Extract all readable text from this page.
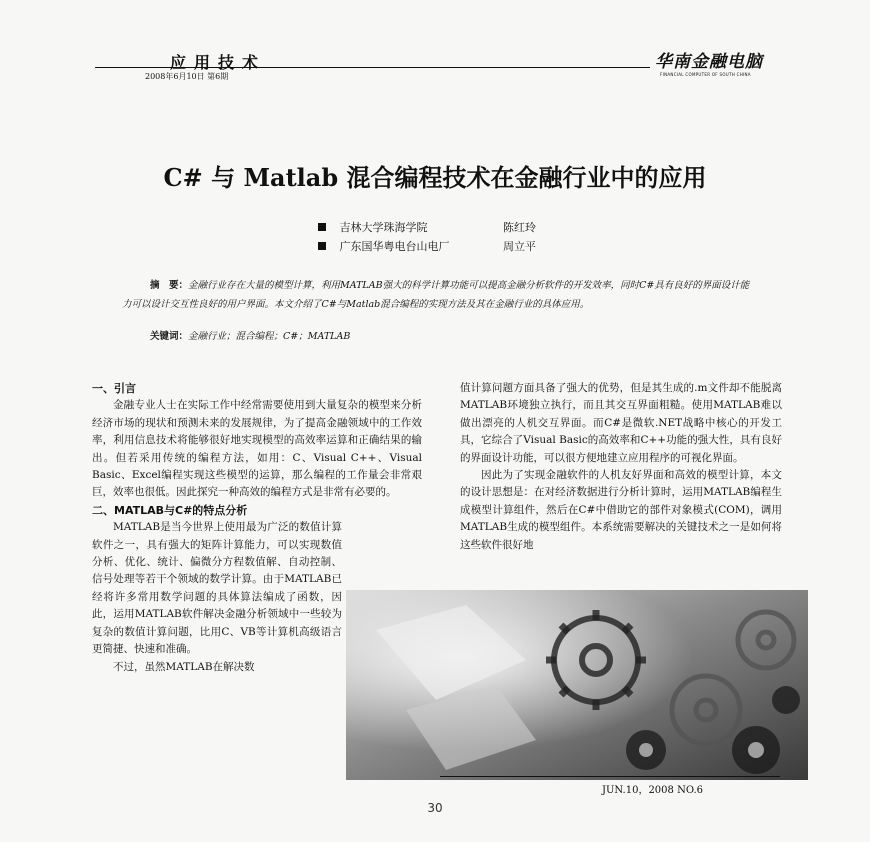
应用技术
2008年6月10日 第6期
华南金融电脑
FINANCIAL COMPUTER OF SOUTH CHINA
C# 与 Matlab 混合编程技术在金融行业中的应用
吉林大学珠海学院	陈红玲
广东国华粤电台山电厂	周立平
摘　要：金融行业存在大量的模型计算，利用MATLAB强大的科学计算功能可以提高金融分析软件的开发效率，同时C#具有良好的界面设计能力可以设计交互性良好的用户界面。本文介绍了C#与Matlab混合编程的实现方法及其在金融行业的具体应用。
关键词：金融行业；混合编程；C#；MATLAB

一、引言

金融专业人士在实际工作中经常需要使用到大量复杂的模型来分析经济市场的现状和预测未来的发展规律，为了提高金融领域中的工作效率，利用信息技术将能够很好地实现模型的高效率运算和正确结果的输出。但若采用传统的编程方法，如用：C、Visual C++、Visual Basic、Excel编程实现这些模型的运算，那么编程的工作量会非常艰巨，效率也很低。因此探究一种高效的编程方式是非常有必要的。

二、MATLAB与C#的特点分析

MATLAB是当今世界上使用最为广泛的数值计算软件之一，具有强大的矩阵计算能力，可以实现数值分析、优化、统计、偏微分方程数值解、自动控制、信号处理等若干个领域的数学计算。由于MATLAB已经将许多常用数学问题的具体算法编成了函数，因此，运用MATLAB软件解决金融分析领域中一些较为复杂的数值计算问题，比用C、VB等计算机高级语言更简捷、快速和准确。

不过，虽然MATLAB在解决数

值计算问题方面具备了强大的优势，但是其生成的.m文件却不能脱离MATLAB环境独立执行，而且其交互界面粗糙。使用MATLAB难以做出漂亮的人机交互界面。而C#是微软.NET战略中核心的开发工具，它综合了Visual Basic的高效率和C++功能的强大性，具有良好的界面设计功能，可以很方便地建立应用程序的可视化界面。

因此为了实现金融软件的人机友好界面和高效的模型计算，本文的设计思想是：在对经济数据进行分析计算时，运用MATLAB编程生成模型计算组件，然后在C#中借助它的部件对象模式(COM)，调用MATLAB生成的模型组件。本系统需要解决的关键技术之一是如何将这些软件很好地

JUN.10，2008 NO.6
30
